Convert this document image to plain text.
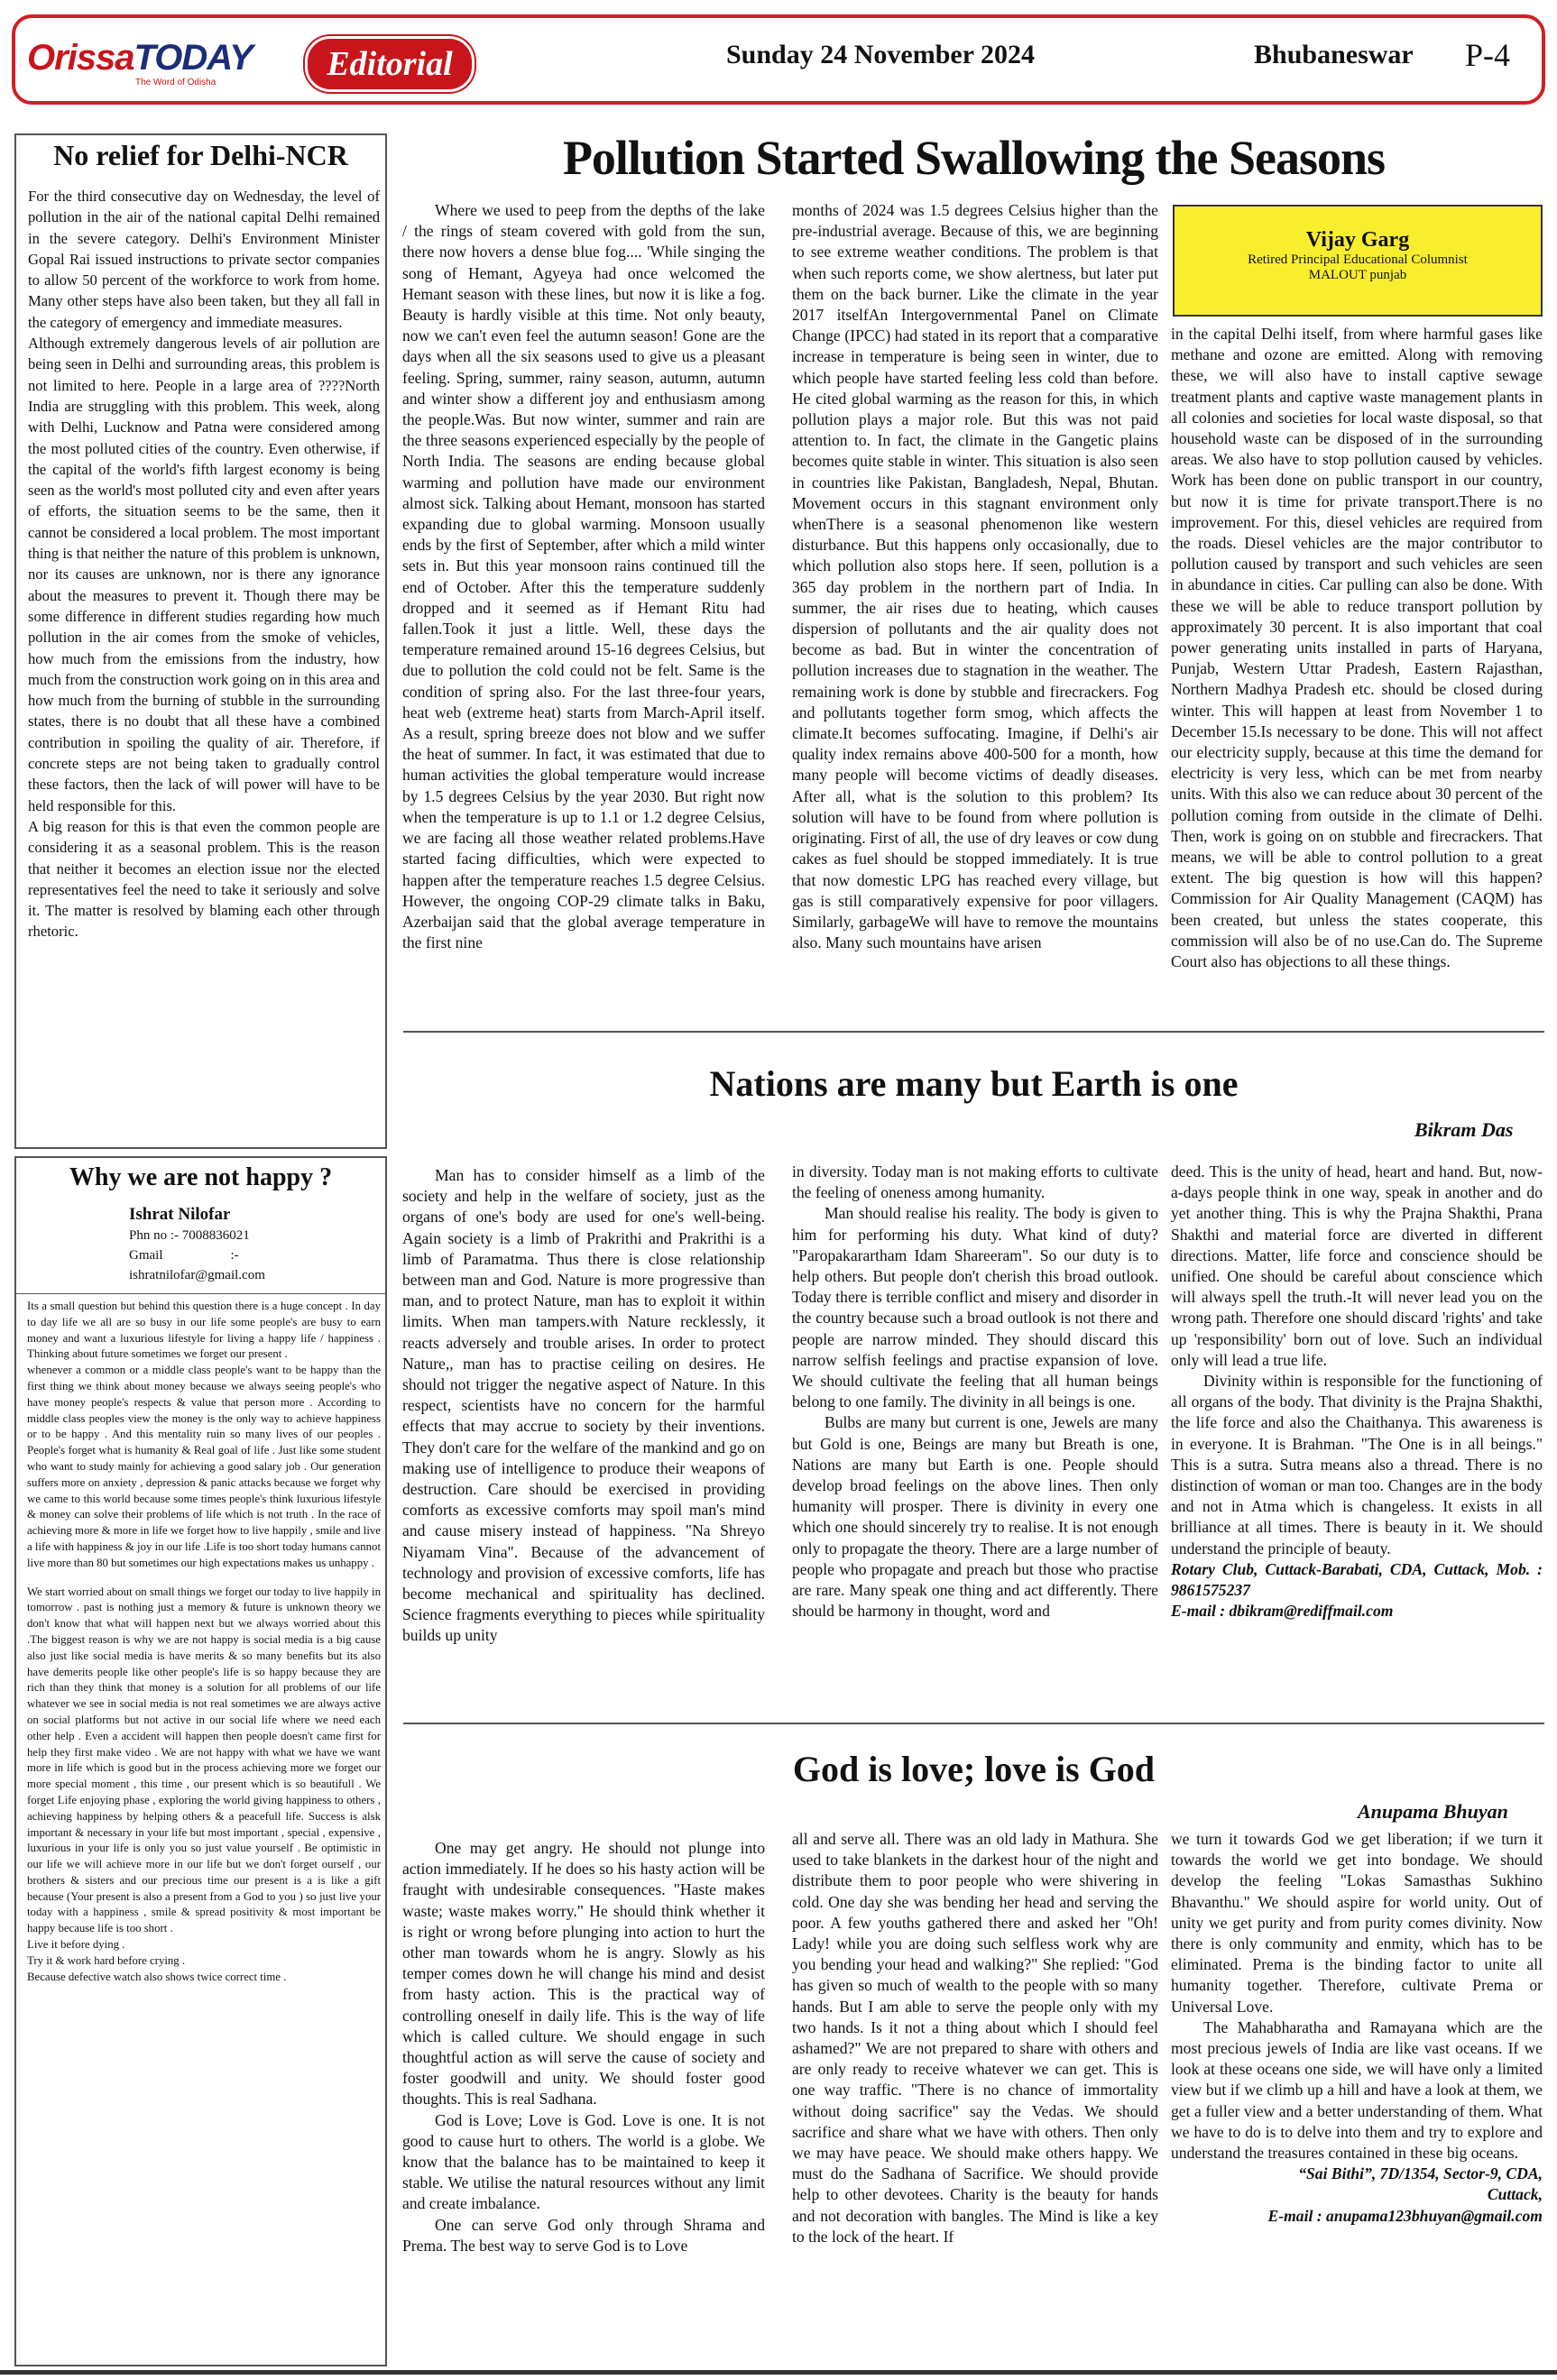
OrissaTODAY
The Word of Odisha	Editorial	Sunday 24 November 2024	Bhubaneswar P-4
No relief for Delhi-NCR

For the third consecutive day on Wednesday, the level of pollution in the air of the national capital Delhi remained in the severe category. Delhi's Environment Minister Gopal Rai issued instructions to private sector companies to allow 50 percent of the workforce to work from home. Many other steps have also been taken, but they all fall in the category of emergency and immediate measures.

Although extremely dangerous levels of air pollution are being seen in Delhi and surrounding areas, this problem is not limited to here. People in a large area of ????North India are struggling with this problem. This week, along with Delhi, Lucknow and Patna were considered among the most polluted cities of the country. Even otherwise, if the capital of the world's fifth largest economy is being seen as the world's most polluted city and even after years of efforts, the situation seems to be the same, then it cannot be considered a local problem. The most important thing is that neither the nature of this problem is unknown, nor its causes are unknown, nor is there any ignorance about the measures to prevent it. Though there may be some difference in different studies regarding how much pollution in the air comes from the smoke of vehicles, how much from the emissions from the industry, how much from the construction work going on in this area and how much from the burning of stubble in the surrounding states, there is no doubt that all these have a combined contribution in spoiling the quality of air. Therefore, if concrete steps are not being taken to gradually control these factors, then the lack of will power will have to be held responsible for this.

A big reason for this is that even the common people are considering it as a seasonal problem. This is the reason that neither it becomes an election issue nor the elected representatives feel the need to take it seriously and solve it. The matter is resolved by blaming each other through rhetoric.

Why we are not happy ?
Ishrat Nilofar
Phn no :- 7008836021
Gmail                    :-
ishratnilofar@gmail.com

Its a small question but behind this question there is a huge concept . In day to day life we all are so busy in our life some people's are busy to earn money and want a luxurious lifestyle for living a happy life / happiness . Thinking about future sometimes we forget our present .

whenever a common or a middle class people's want to be happy than the first thing we think about money because we always seeing people's who have money people's respects & value that person more . According to middle class peoples view the money is the only way to achieve happiness or to be happy . And this mentality ruin so many lives of our peoples . People's forget what is humanity & Real goal of life . Just like some student who want to study mainly for achieving a good salary job . Our generation suffers more on anxiety , depression & panic attacks because we forget why we came to this world because some times people's think luxurious lifestyle & money can solve their problems of life which is not truth . In the race of achieving more & more in life we forget how to live happily , smile and live a life with happiness & joy in our life .Life is too short today humans cannot live more than 80 but sometimes our high expectations makes us unhappy .

We start worried about on small things we forget our today to live happily in tomorrow . past is nothing just a memory & future is unknown theory we don't know that what will happen next but we always worried about this .The biggest reason is why we are not happy is social media is a big cause also just like social media is have merits & so many benefits but its also have demerits people like other people's life is so happy because they are rich than they think that money is a solution for all problems of our life whatever we see in social media is not real sometimes we are always active on social platforms but not active in our social life where we need each other help . Even a accident will happen then people doesn't came first for help they first make video . We are not happy with what we have we want more in life which is good but in the process achieving more we forget our more special moment , this time , our present which is so beautifull . We forget Life enjoying phase , exploring the world giving happiness to others , achieving happiness by helping others & a peacefull life. Success is alsk important & necessary in your life but most important , special , expensive , luxurious in your life is only you so just value yourself . Be optimistic in our life we will achieve more in our life but we don't forget ourself , our brothers & sisters and our precious time our present is a is like a gift because (Your present is also a present from a God to you ) so just live your today with a happiness , smile & spread positivity & most important be happy because life is too short .

Live it before dying .

Try it & work hard before crying .

Because defective watch also shows twice correct time .

Pollution Started Swallowing the Seasons
Where we used to peep from the depths of the lake / the rings of steam covered with gold from the sun, there now hovers a dense blue fog.... 'While singing the song of Hemant, Agyeya had once welcomed the Hemant season with these lines, but now it is like a fog. Beauty is hardly visible at this time. Not only beauty, now we can't even feel the autumn season! Gone are the days when all the six seasons used to give us a pleasant feeling. Spring, summer, rainy season, autumn, autumn and winter show a different joy and enthusiasm among the people.Was. But now winter, summer and rain are the three seasons experienced especially by the people of North India. The seasons are ending because global warming and pollution have made our environment almost sick. Talking about Hemant, monsoon has started expanding due to global warming. Monsoon usually ends by the first of September, after which a mild winter sets in. But this year monsoon rains continued till the end of October. After this the temperature suddenly dropped and it seemed as if Hemant Ritu had fallen.Took it just a little. Well, these days the temperature remained around 15-16 degrees Celsius, but due to pollution the cold could not be felt. Same is the condition of spring also. For the last three-four years, heat web (extreme heat) starts from March-April itself. As a result, spring breeze does not blow and we suffer the heat of summer. In fact, it was estimated that due to human activities the global temperature would increase by 1.5 degrees Celsius by the year 2030. But right now when the temperature is up to 1.1 or 1.2 degree Celsius, we are facing all those weather related problems.Have started facing difficulties, which were expected to happen after the temperature reaches 1.5 degree Celsius. However, the ongoing COP-29 climate talks in Baku, Azerbaijan said that the global average temperature in the first nine
months of 2024 was 1.5 degrees Celsius higher than the pre-industrial average. Because of this, we are beginning to see extreme weather conditions. The problem is that when such reports come, we show alertness, but later put them on the back burner. Like the climate in the year 2017 itselfAn Intergovernmental Panel on Climate Change (IPCC) had stated in its report that a comparative increase in temperature is being seen in winter, due to which people have started feeling less cold than before. He cited global warming as the reason for this, in which pollution plays a major role. But this was not paid attention to. In fact, the climate in the Gangetic plains becomes quite stable in winter. This situation is also seen in countries like Pakistan, Bangladesh, Nepal, Bhutan. Movement occurs in this stagnant environment only whenThere is a seasonal phenomenon like western disturbance. But this happens only occasionally, due to which pollution also stops here. If seen, pollution is a 365 day problem in the northern part of India. In summer, the air rises due to heating, which causes dispersion of pollutants and the air quality does not become as bad. But in winter the concentration of pollution increases due to stagnation in the weather. The remaining work is done by stubble and firecrackers. Fog and pollutants together form smog, which affects the climate.It becomes suffocating. Imagine, if Delhi's air quality index remains above 400-500 for a month, how many people will become victims of deadly diseases. After all, what is the solution to this problem? Its solution will have to be found from where pollution is originating. First of all, the use of dry leaves or cow dung cakes as fuel should be stopped immediately. It is true that now domestic LPG has reached every village, but gas is still comparatively expensive for poor villagers. Similarly, garbageWe will have to remove the mountains also. Many such mountains have arisen
Vijay Garg
Retired Principal Educational Columnist
MALOUT punjab
in the capital Delhi itself, from where harmful gases like methane and ozone are emitted. Along with removing these, we will also have to install captive sewage treatment plants and captive waste management plants in all colonies and societies for local waste disposal, so that household waste can be disposed of in the surrounding areas. We also have to stop pollution caused by vehicles. Work has been done on public transport in our country, but now it is time for private transport.There is no improvement. For this, diesel vehicles are required from the roads. Diesel vehicles are the major contributor to pollution caused by transport and such vehicles are seen in abundance in cities. Car pulling can also be done. With these we will be able to reduce transport pollution by approximately 30 percent. It is also important that coal power generating units installed in parts of Haryana, Punjab, Western Uttar Pradesh, Eastern Rajasthan, Northern Madhya Pradesh etc. should be closed during winter. This will happen at least from November 1 to December 15.Is necessary to be done. This will not affect our electricity supply, because at this time the demand for electricity is very less, which can be met from nearby units. With this also we can reduce about 30 percent of the pollution coming from outside in the climate of Delhi. Then, work is going on on stubble and firecrackers. That means, we will be able to control pollution to a great extent. The big question is how will this happen? Commission for Air Quality Management (CAQM) has been created, but unless the states cooperate, this commission will also be of no use.Can do. The Supreme Court also has objections to all these things.
Nations are many but Earth is one
Bikram Das

Man has to consider himself as a limb of the society and help in the welfare of society, just as the organs of one's body are used for one's well-being. Again society is a limb of Prakrithi and Prakrithi is a limb of Paramatma. Thus there is close relationship between man and God. Nature is more progressive than man, and to protect Nature, man has to exploit it within limits. When man tampers.with Nature recklessly, it reacts adversely and trouble arises. In order to protect Nature,, man has to practise ceiling on desires. He should not trigger the negative aspect of Nature. In this respect, scientists have no concern for the harmful effects that may accrue to society by their inventions. They don't care for the welfare of the mankind and go on making use of intelligence to produce their weapons of destruction. Care should be exercised in providing comforts as excessive comforts may spoil man's mind and cause misery instead of happiness. "Na Shreyo Niyamam Vina". Because of the advancement of technology and provision of excessive comforts, life has become mechanical and spirituality has declined. Science fragments everything to pieces while spirituality builds up unity

in diversity. Today man is not making efforts to cultivate the feeling of oneness among humanity.

Man should realise his reality. The body is given to him for performing his duty. What kind of duty? "Paropakarartham Idam Shareeram". So our duty is to help others. But people don't cherish this broad outlook. Today there is terrible conflict and misery and disorder in the country because such a broad outlook is not there and people are narrow minded. They should discard this narrow selfish feelings and practise expansion of love. We should cultivate the feeling that all human beings belong to one family. The divinity in all beings is one.

Bulbs are many but current is one, Jewels are many but Gold is one, Beings are many but Breath is one, Nations are many but Earth is one. People should develop broad feelings on the above lines. Then only humanity will prosper. There is divinity in every one which one should sincerely try to realise. It is not enough only to propagate the theory. There are a large number of people who propagate and preach but those who practise are rare. Many speak one thing and act differently. There should be harmony in thought, word and

deed. This is the unity of head, heart and hand. But, now-a-days people think in one way, speak in another and do yet another thing. This is why the Prajna Shakthi, Prana Shakthi and material force are diverted in different directions. Matter, life force and conscience should be unified. One should be careful about conscience which will always spell the truth.-It will never lead you on the wrong path. Therefore one should discard 'rights' and take up 'responsibility' born out of love. Such an individual only will lead a true life.

Divinity within is responsible for the functioning of all organs of the body. That divinity is the Prajna Shakthi, the life force and also the Chaithanya. This awareness is in everyone. It is Brahman. "The One is in all beings." This is a sutra. Sutra means also a thread. There is no distinction of woman or man too. Changes are in the body and not in Atma which is changeless. It exists in all brilliance at all times. There is beauty in it. We should understand the principle of beauty.

Rotary Club, Cuttack-Barabati, CDA, Cuttack, Mob. : 9861575237

E-mail : dbikram@rediffmail.com

God is love; love is God
Anupama Bhuyan

One may get angry. He should not plunge into action immediately. If he does so his hasty action will be fraught with undesirable consequences. "Haste makes waste; waste makes worry." He should think whether it is right or wrong before plunging into action to hurt the other man towards whom he is angry. Slowly as his temper comes down he will change his mind and desist from hasty action. This is the practical way of controlling oneself in daily life. This is the way of life which is called culture. We should engage in such thoughtful action as will serve the cause of society and foster goodwill and unity. We should foster good thoughts. This is real Sadhana.

God is Love; Love is God. Love is one. It is not good to cause hurt to others. The world is a globe. We know that the balance has to be maintained to keep it stable. We utilise the natural resources without any limit and create imbalance.

One can serve God only through Shrama and Prema. The best way to serve God is to Love

all and serve all. There was an old lady in Mathura. She used to take blankets in the darkest hour of the night and distribute them to poor people who were shivering in cold. One day she was bending her head and serving the poor. A few youths gathered there and asked her "Oh! Lady! while you are doing such selfless work why are you bending your head and walking?" She replied: "God has given so much of wealth to the people with so many hands. But I am able to serve the people only with my two hands. Is it not a thing about which I should feel ashamed?" We are not prepared to share with others and are only ready to receive whatever we can get. This is one way traffic. "There is no chance of immortality without doing sacrifice" say the Vedas. We should sacrifice and share what we have with others. Then only we may have peace. We should make others happy. We must do the Sadhana of Sacrifice. We should provide help to other devotees. Charity is the beauty for hands and not decoration with bangles. The Mind is like a key to the lock of the heart. If

we turn it towards God we get liberation; if we turn it towards the world we get into bondage. We should develop the feeling "Lokas Samasthas Sukhino Bhavanthu." We should aspire for world unity. Out of unity we get purity and from purity comes divinity. Now there is only community and enmity, which has to be eliminated. Prema is the binding factor to unite all humanity together. Therefore, cultivate Prema or Universal Love.

The Mahabharatha and Ramayana which are the most precious jewels of India are like vast oceans. If we look at these oceans one side, we will have only a limited view but if we climb up a hill and have a look at them, we get a fuller view and a better understanding of them. What we have to do is to delve into them and try to explore and understand the treasures contained in these big oceans.

“Sai Bithi”, 7D/1354, Sector-9, CDA,

Cuttack,

E-mail : anupama123bhuyan@gmail.com
